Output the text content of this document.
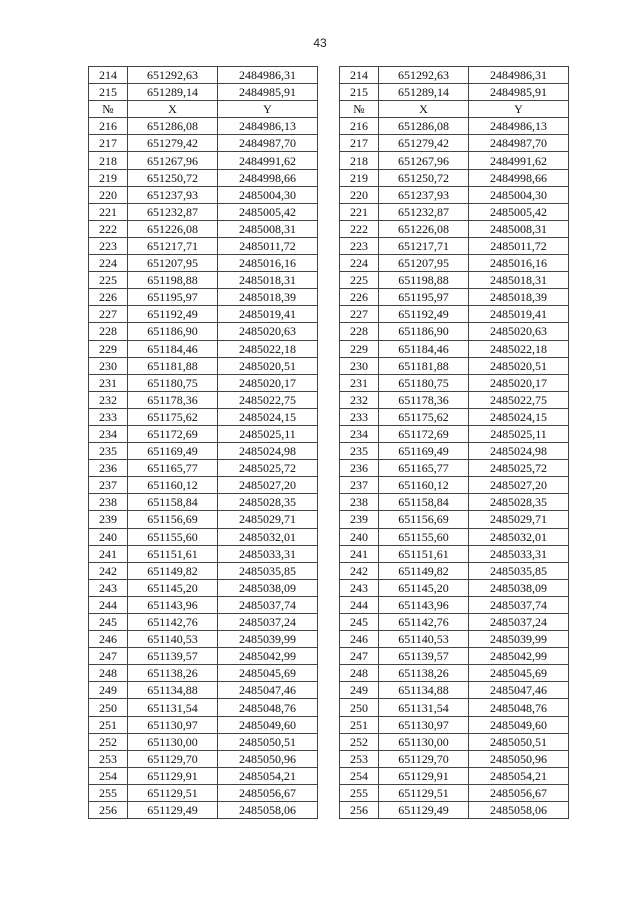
43
214	651292,63	2484986,31		214	651292,63	2484986,31
215	651289,14	2484985,91		215	651289,14	2484985,91
№	X	Y		№	X	Y
216	651286,08	2484986,13		216	651286,08	2484986,13
217	651279,42	2484987,70		217	651279,42	2484987,70
218	651267,96	2484991,62		218	651267,96	2484991,62
219	651250,72	2484998,66		219	651250,72	2484998,66
220	651237,93	2485004,30		220	651237,93	2485004,30
221	651232,87	2485005,42		221	651232,87	2485005,42
222	651226,08	2485008,31		222	651226,08	2485008,31
223	651217,71	2485011,72		223	651217,71	2485011,72
224	651207,95	2485016,16		224	651207,95	2485016,16
225	651198,88	2485018,31		225	651198,88	2485018,31
226	651195,97	2485018,39		226	651195,97	2485018,39
227	651192,49	2485019,41		227	651192,49	2485019,41
228	651186,90	2485020,63		228	651186,90	2485020,63
229	651184,46	2485022,18		229	651184,46	2485022,18
230	651181,88	2485020,51		230	651181,88	2485020,51
231	651180,75	2485020,17		231	651180,75	2485020,17
232	651178,36	2485022,75		232	651178,36	2485022,75
233	651175,62	2485024,15		233	651175,62	2485024,15
234	651172,69	2485025,11		234	651172,69	2485025,11
235	651169,49	2485024,98		235	651169,49	2485024,98
236	651165,77	2485025,72		236	651165,77	2485025,72
237	651160,12	2485027,20		237	651160,12	2485027,20
238	651158,84	2485028,35		238	651158,84	2485028,35
239	651156,69	2485029,71		239	651156,69	2485029,71
240	651155,60	2485032,01		240	651155,60	2485032,01
241	651151,61	2485033,31		241	651151,61	2485033,31
242	651149,82	2485035,85		242	651149,82	2485035,85
243	651145,20	2485038,09		243	651145,20	2485038,09
244	651143,96	2485037,74		244	651143,96	2485037,74
245	651142,76	2485037,24		245	651142,76	2485037,24
246	651140,53	2485039,99		246	651140,53	2485039,99
247	651139,57	2485042,99		247	651139,57	2485042,99
248	651138,26	2485045,69		248	651138,26	2485045,69
249	651134,88	2485047,46		249	651134,88	2485047,46
250	651131,54	2485048,76		250	651131,54	2485048,76
251	651130,97	2485049,60		251	651130,97	2485049,60
252	651130,00	2485050,51		252	651130,00	2485050,51
253	651129,70	2485050,96		253	651129,70	2485050,96
254	651129,91	2485054,21		254	651129,91	2485054,21
255	651129,51	2485056,67		255	651129,51	2485056,67
256	651129,49	2485058,06		256	651129,49	2485058,06
